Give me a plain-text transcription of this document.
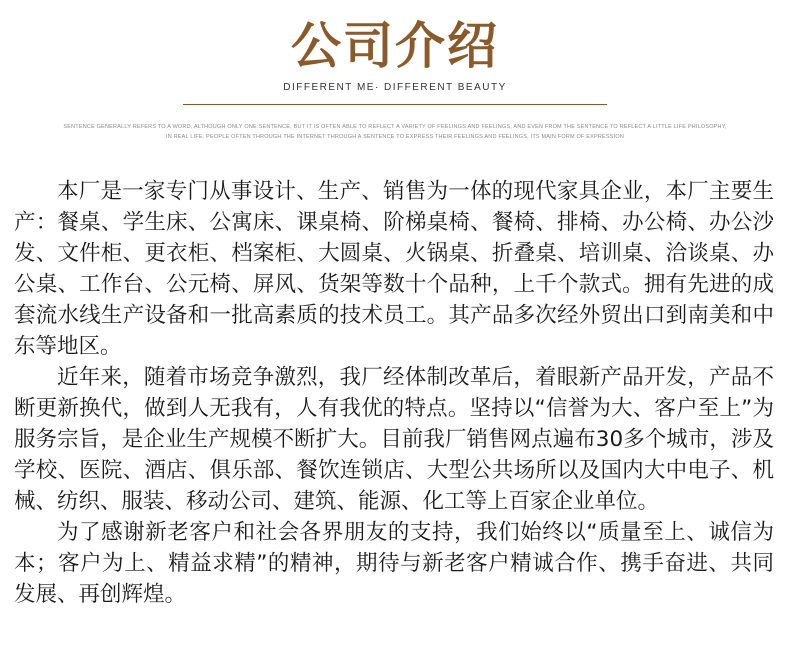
公司介绍
DIFFERENT ME· DIFFERENT BEAUTY
SENTENCE GENERALLY REFERS TO A WORD, ALTHOUGH ONLY ONE SENTENCE, BUT IT IS OFTEN ABLE TO REFLECT A VARIETY OF FEELINGS AND FEELINGS, AND EVEN FROM THE SENTENCE TO REFLECT A LITTLE LIFE PHILOSOPHY,
IN REAL LIFE, PEOPLE OFTEN THROUGH THE INTERNET THROUGH A SENTENCE TO EXPRESS THEIR FEELINGS AND FEELINGS, ITS MAIN FORM OF EXPRESSION

本厂是一家专门从事设计、生产、销售为一体的现代家具企业，本厂主要生产：餐桌、学生床、公寓床、课桌椅、阶梯桌椅、餐椅、排椅、办公椅、办公沙发、文件柜、更衣柜、档案柜、大圆桌、火锅桌、折叠桌、培训桌、洽谈桌、办公桌、工作台、公元椅、屏风、货架等数十个品种，上千个款式。拥有先进的成套流水线生产设备和一批高素质的技术员工。其产品多次经外贸出口到南美和中东等地区。

近年来，随着市场竞争激烈，我厂经体制改革后，着眼新产品开发，产品不断更新换代，做到人无我有，人有我优的特点。坚持以“信誉为大、客户至上”为服务宗旨，是企业生产规模不断扩大。目前我厂销售网点遍布30多个城市，涉及学校、医院、酒店、俱乐部、餐饮连锁店、大型公共场所以及国内大中电子、机械、纺织、服装、移动公司、建筑、能源、化工等上百家企业单位。

为了感谢新老客户和社会各界朋友的支持，我们始终以“质量至上、诚信为本；客户为上、精益求精”的精神，期待与新老客户精诚合作、携手奋进、共同发展、再创辉煌。
